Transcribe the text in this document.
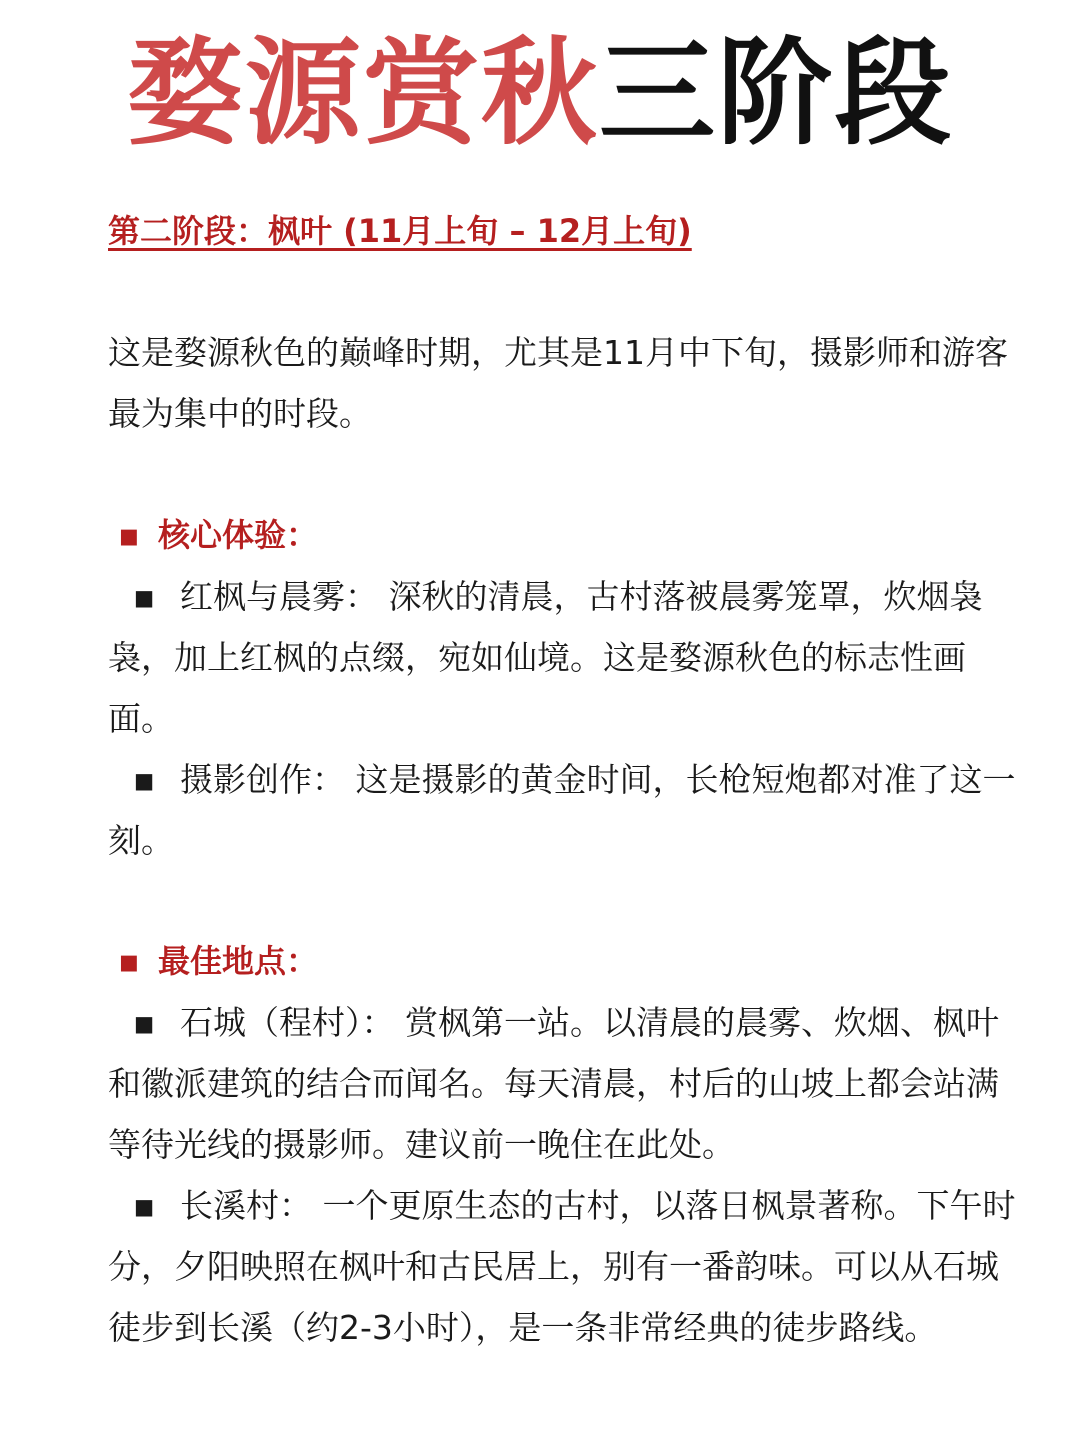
婺源赏秋三阶段
第二阶段：枫叶 (11月上旬 – 12月上旬)
这是婺源秋色的巅峰时期，尤其是11月中下旬，摄影师和游客最为集中的时段。
▪ 核心体验：
▪ 红枫与晨雾： 深秋的清晨，古村落被晨雾笼罩，炊烟袅袅，加上红枫的点缀，宛如仙境。这是婺源秋色的标志性画面。
▪ 摄影创作： 这是摄影的黄金时间，长枪短炮都对准了这一刻。
▪ 最佳地点：
▪ 石城（程村）： 赏枫第一站。以清晨的晨雾、炊烟、枫叶和徽派建筑的结合而闻名。每天清晨，村后的山坡上都会站满等待光线的摄影师。建议前一晚住在此处。
▪ 长溪村： 一个更原生态的古村，以落日枫景著称。下午时分，夕阳映照在枫叶和古民居上，别有一番韵味。可以从石城徒步到长溪（约2-3小时），是一条非常经典的徒步路线。
